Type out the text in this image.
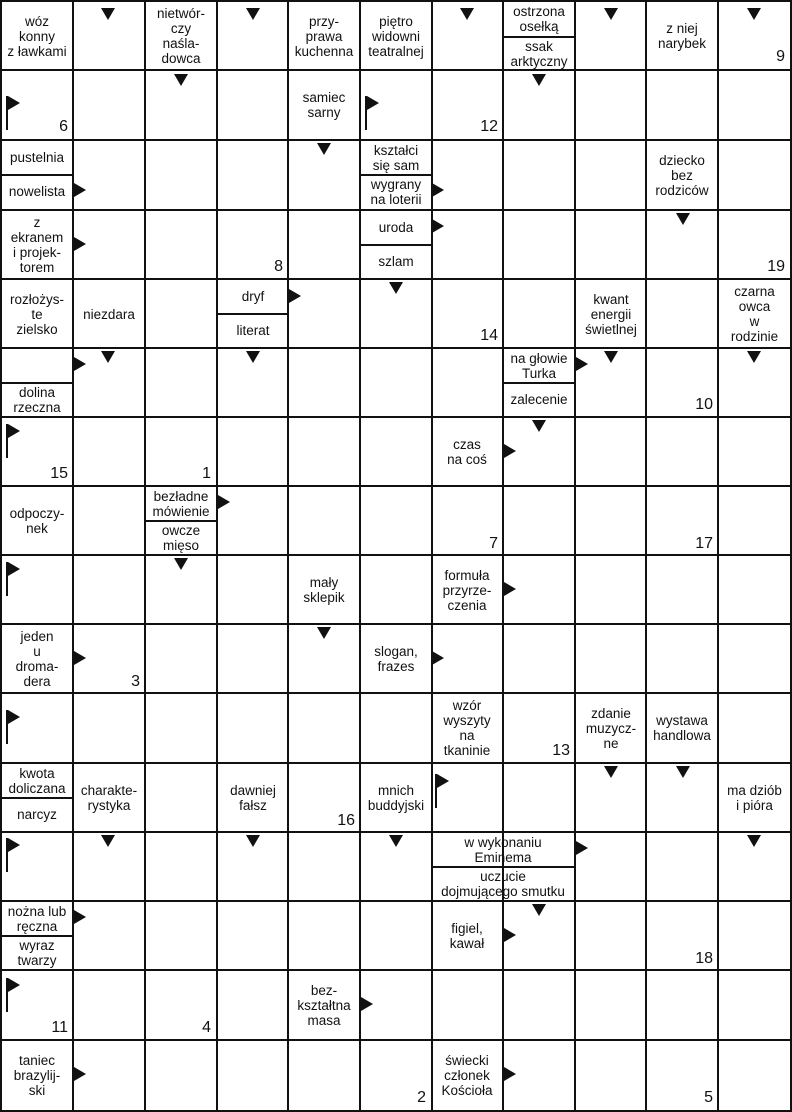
wóz
konny
z ławkami
nietwór-
czy
naśla-
dowca
przy-
prawa
kuchenna
piętro
widowni
teatralnej
ostrzona
osełką
ssak
arktyczny
z niej
narybek
samiec
sarny
pustelnia
nowelista
kształci
się sam
wygrany
na loterii
dziecko
bez
rodziców
z
ekranem
i projek-
torem
uroda
szlam
rozłożys-
te
zielsko
niezdara
dryf
literat
kwant
energii
świetlnej
czarna
owca
w
rodzinie
dolina
rzeczna
na głowie
Turka
zalecenie
czas
na coś
odpoczy-
nek
bezładne
mówienie
owcze
mięso
mały
sklepik
formuła
przyrze-
czenia
jeden
u
droma-
dera
slogan,
frazes
wzór
wyszyty
na
tkaninie
zdanie
muzycz-
ne
wystawa
handlowa
kwota
doliczana
narcyz
charakte-
rystyka
dawniej
fałsz
mnich
buddyjski
ma dziób
i pióra
w wykonaniu
Eminema
uczucie
dojmującego smutku
nożna lub
ręczna
wyraz
twarzy
figiel,
kawał
bez-
kształtna
masa
taniec
brazylij-
ski
świecki
członek
Kościoła
9
6	12
8	19
14
10
15	1
7	17
3
13
16
18
11	4
2	5
